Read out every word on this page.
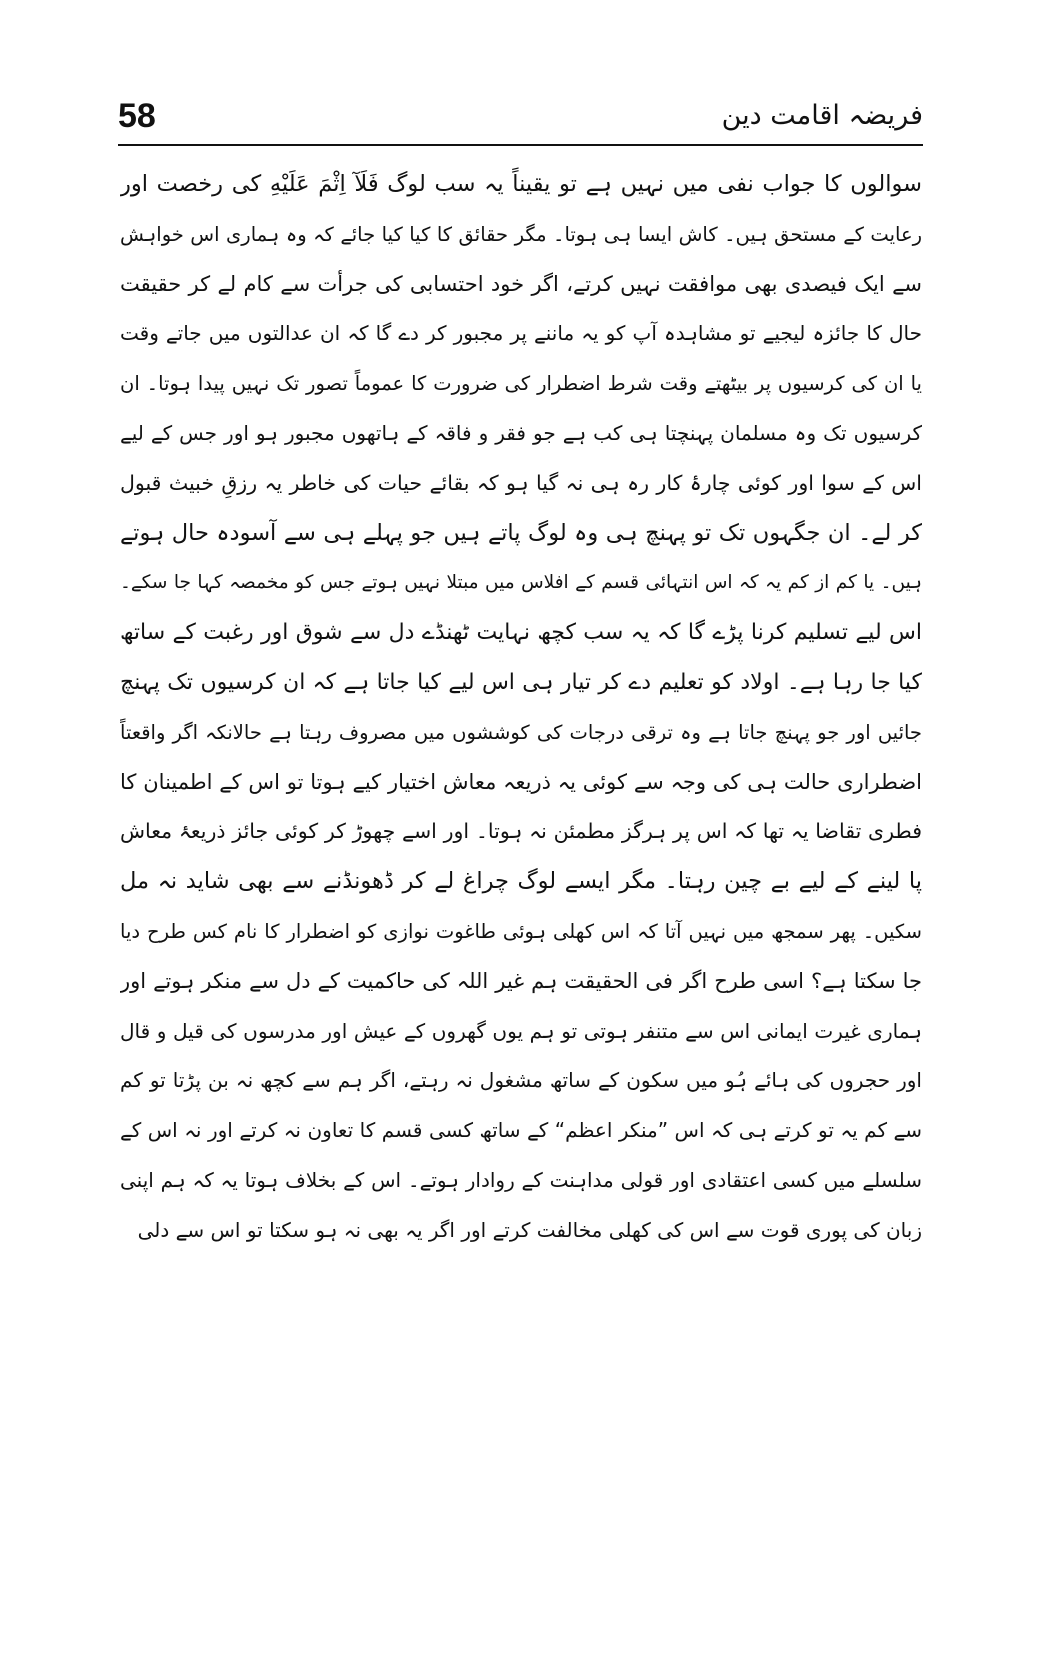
58	فریضہ اقامت دین
سوالوں کا جواب نفی میں نہیں ہے تو یقیناً یہ سب لوگ فَلَآ اِثْمَ عَلَيْهِ کی رخصت اور
رعایت کے مستحق ہیں۔ کاش ایسا ہی ہوتا۔ مگر حقائق کا کیا کیا جائے کہ وہ ہماری اس خواہش
سے ایک فیصدی بھی موافقت نہیں کرتے، اگر خود احتسابی کی جرأت سے کام لے کر حقیقت
حال کا جائزہ لیجیے تو مشاہدہ آپ کو یہ ماننے پر مجبور کر دے گا کہ ان عدالتوں میں جاتے وقت
یا ان کی کرسیوں پر بیٹھتے وقت شرط اضطرار کی ضرورت کا عموماً تصور تک نہیں پیدا ہوتا۔ ان
کرسیوں تک وہ مسلمان پہنچتا ہی کب ہے جو فقر و فاقہ کے ہاتھوں مجبور ہو اور جس کے لیے
اس کے سوا اور کوئی چارۂ کار رہ ہی نہ گیا ہو کہ بقائے حیات کی خاطر یہ رزقِ خبیث قبول
کر لے۔ ان جگہوں تک تو پہنچ ہی وہ لوگ پاتے ہیں جو پہلے ہی سے آسودہ حال ہوتے
ہیں۔ یا کم از کم یہ کہ اس انتہائی قسم کے افلاس میں مبتلا نہیں ہوتے جس کو مخمصہ کہا جا سکے۔
اس لیے تسلیم کرنا پڑے گا کہ یہ سب کچھ نہایت ٹھنڈے دل سے شوق اور رغبت کے ساتھ
کیا جا رہا ہے۔ اولاد کو تعلیم دے کر تیار ہی اس لیے کیا جاتا ہے کہ ان کرسیوں تک پہنچ
جائیں اور جو پہنچ جاتا ہے وہ ترقی درجات کی کوششوں میں مصروف رہتا ہے حالانکہ اگر واقعتاً
اضطراری حالت ہی کی وجہ سے کوئی یہ ذریعہ معاش اختیار کیے ہوتا تو اس کے اطمینان کا
فطری تقاضا یہ تھا کہ اس پر ہرگز مطمئن نہ ہوتا۔ اور اسے چھوڑ کر کوئی جائز ذریعۂ معاش
پا لینے کے لیے بے چین رہتا۔ مگر ایسے لوگ چراغ لے کر ڈھونڈنے سے بھی شاید نہ مل
سکیں۔ پھر سمجھ میں نہیں آتا کہ اس کھلی ہوئی طاغوت نوازی کو اضطرار کا نام کس طرح دیا
جا سکتا ہے؟ اسی طرح اگر فی الحقیقت ہم غیر اللہ کی حاکمیت کے دل سے منکر ہوتے اور
ہماری غیرت ایمانی اس سے متنفر ہوتی تو ہم یوں گھروں کے عیش اور مدرسوں کی قیل و قال
اور حجروں کی ہائے ہُو میں سکون کے ساتھ مشغول نہ رہتے، اگر ہم سے کچھ نہ بن پڑتا تو کم
سے کم یہ تو کرتے ہی کہ اس ”منکر اعظم“ کے ساتھ کسی قسم کا تعاون نہ کرتے اور نہ اس کے
سلسلے میں کسی اعتقادی اور قولی مداہنت کے روادار ہوتے۔ اس کے بخلاف ہوتا یہ کہ ہم اپنی
زبان کی پوری قوت سے اس کی کھلی مخالفت کرتے اور اگر یہ بھی نہ ہو سکتا تو اس سے دلی
